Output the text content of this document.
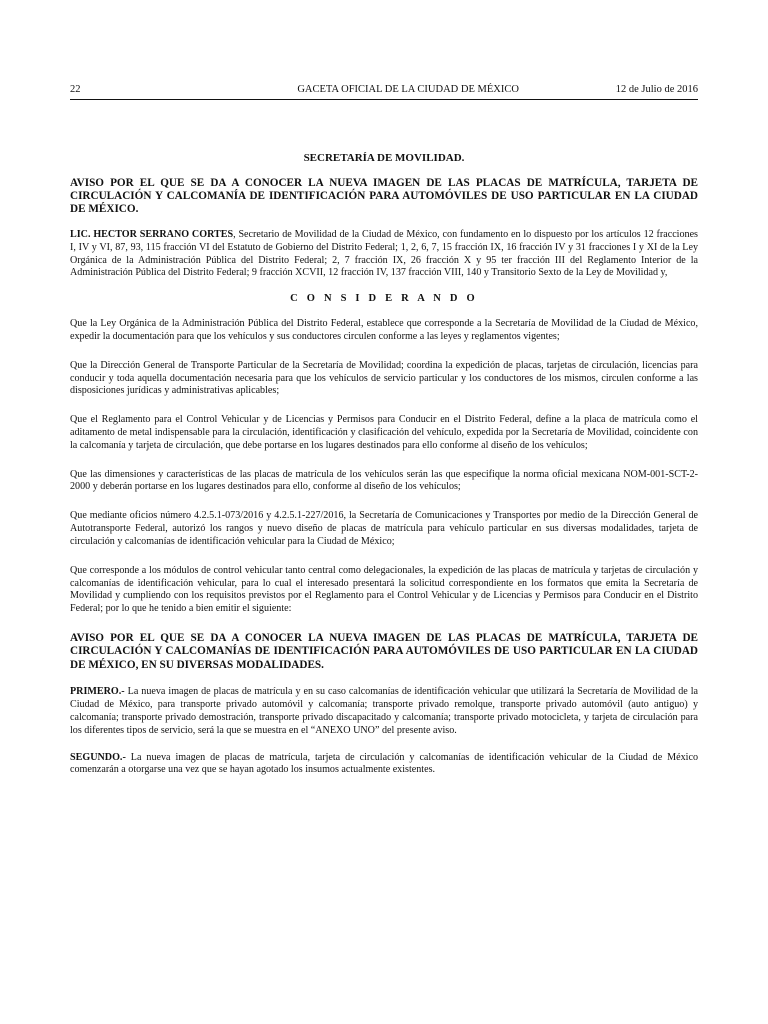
22	GACETA OFICIAL DE LA CIUDAD DE MÉXICO	12 de Julio de 2016
SECRETARÍA DE MOVILIDAD.
AVISO POR EL QUE SE DA A CONOCER LA NUEVA IMAGEN DE LAS PLACAS DE MATRÍCULA, TARJETA DE CIRCULACIÓN Y CALCOMANÍA DE IDENTIFICACIÓN PARA AUTOMÓVILES DE USO PARTICULAR EN LA CIUDAD DE MÉXICO.

LIC. HECTOR SERRANO CORTES, Secretario de Movilidad de la Ciudad de México, con fundamento en lo dispuesto por los artículos 12 fracciones I, IV y VI, 87, 93, 115 fracción VI del Estatuto de Gobierno del Distrito Federal; 1, 2, 6, 7, 15 fracción IX, 16 fracción IV y 31 fracciones I y XI de la Ley Orgánica de la Administración Pública del Distrito Federal; 2, 7 fracción IX, 26 fracción X y 95 ter fracción III del Reglamento Interior de la Administración Pública del Distrito Federal; 9 fracción XCVII, 12 fracción IV, 137 fracción VIII, 140 y Transitorio Sexto de la Ley de Movilidad y,

C O N S I D E R A N D O

Que la Ley Orgánica de la Administración Pública del Distrito Federal, establece que corresponde a la Secretaría de Movilidad de la Ciudad de México, expedir la documentación para que los vehículos y sus conductores circulen conforme a las leyes y reglamentos vigentes;

Que la Dirección General de Transporte Particular de la Secretaría de Movilidad; coordina la expedición de placas, tarjetas de circulación, licencias para conducir y toda aquella documentación necesaria para que los vehículos de servicio particular y los conductores de los mismos, circulen conforme a las disposiciones jurídicas y administrativas aplicables;

Que el Reglamento para el Control Vehicular y de Licencias y Permisos para Conducir en el Distrito Federal, define a la placa de matrícula como el aditamento de metal indispensable para la circulación, identificación y clasificación del vehículo, expedida por la Secretaría de Movilidad, coincidente con la calcomanía y tarjeta de circulación, que debe portarse en los lugares destinados para ello conforme al diseño de los vehículos;

Que las dimensiones y características de las placas de matrícula de los vehículos serán las que especifique la norma oficial mexicana NOM-001-SCT-2-2000 y deberán portarse en los lugares destinados para ello, conforme al diseño de los vehículos;

Que mediante oficios número 4.2.5.1-073/2016 y 4.2.5.1-227/2016, la Secretaría de Comunicaciones y Transportes por medio de la Dirección General de Autotransporte Federal, autorizó los rangos y nuevo diseño de placas de matrícula para vehículo particular en sus diversas modalidades, tarjeta de circulación y calcomanías de identificación vehicular para la Ciudad de México;

Que corresponde a los módulos de control vehicular tanto central como delegacionales, la expedición de las placas de matrícula y tarjetas de circulación y calcomanías de identificación vehicular, para lo cual el interesado presentará la solicitud correspondiente en los formatos que emita la Secretaría de Movilidad y cumpliendo con los requisitos previstos por el Reglamento para el Control Vehicular y de Licencias y Permisos para Conducir en el Distrito Federal; por lo que he tenido a bien emitir el siguiente:

AVISO POR EL QUE SE DA A CONOCER LA NUEVA IMAGEN DE LAS PLACAS DE MATRÍCULA, TARJETA DE CIRCULACIÓN Y CALCOMANÍAS DE IDENTIFICACIÓN PARA AUTOMÓVILES DE USO PARTICULAR EN LA CIUDAD DE MÉXICO, EN SU DIVERSAS MODALIDADES.

PRIMERO.- La nueva imagen de placas de matrícula y en su caso calcomanías de identificación vehicular que utilizará la Secretaría de Movilidad de la Ciudad de México, para transporte privado automóvil y calcomanía; transporte privado remolque, transporte privado automóvil (auto antiguo) y calcomanía; transporte privado demostración, transporte privado discapacitado y calcomanía; transporte privado motocicleta, y tarjeta de circulación para los diferentes tipos de servicio, será la que se muestra en el “ANEXO UNO” del presente aviso.

SEGUNDO.- La nueva imagen de placas de matrícula, tarjeta de circulación y calcomanías de identificación vehicular de la Ciudad de México comenzarán a otorgarse una vez que se hayan agotado los insumos actualmente existentes.
